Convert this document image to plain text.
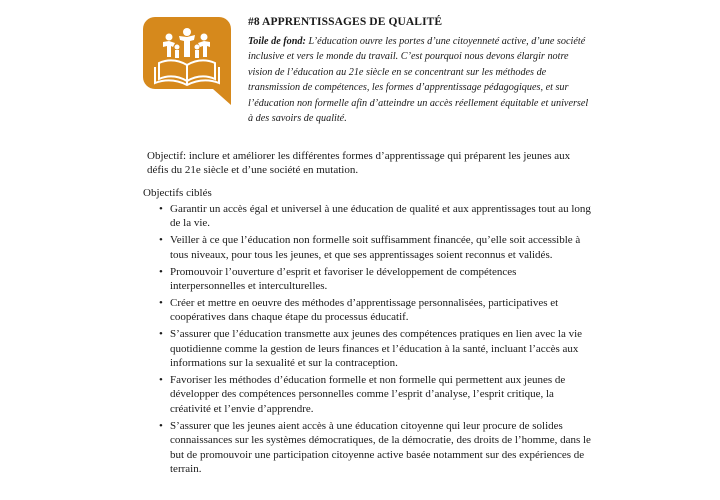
#8 APPRENTISSAGES DE QUALITÉ

Toile de fond: L’éducation ouvre les portes d’une citoyenneté active, d’une société inclusive et vers le monde du travail. C’est pourquoi nous devons élargir notre vision de l’éducation au 21e siècle en se concentrant sur les méthodes de transmission de compétences, les formes d’apprentissage pédagogiques, et sur l’éducation non formelle afin d’atteindre un accès réellement équitable et universel à des savoirs de qualité.

Objectif: inclure et améliorer les différentes formes d’apprentissage qui préparent les jeunes aux défis du 21e siècle et d’une société en mutation.

Objectifs ciblés

• Garantir un accès égal et universel à une éducation de qualité et aux apprentissages tout au long de la vie.
• Veiller à ce que l’éducation non formelle soit suffisamment financée, qu’elle soit accessible à tous niveaux, pour tous les jeunes, et que ses apprentissages soient reconnus et validés.
• Promouvoir l’ouverture d’esprit et favoriser le développement de compétences interpersonnelles et interculturelles.
• Créer et mettre en oeuvre des méthodes d’apprentissage personnalisées, participatives et coopératives dans chaque étape du processus éducatif.
• S’assurer que l’éducation transmette aux jeunes des compétences pratiques en lien avec la vie quotidienne comme la gestion de leurs finances et l’éducation à la santé, incluant l’accès aux informations sur la sexualité et sur la contraception.
• Favoriser les méthodes d’éducation formelle et non formelle qui permettent aux jeunes de développer des compétences personnelles comme l’esprit d’analyse, l’esprit critique, la créativité et l’envie d’apprendre.
• S’assurer que les jeunes aient accès à une éducation citoyenne qui leur procure de solides connaissances sur les systèmes démocratiques, de la démocratie, des droits de l’homme, dans le but de promouvoir une participation citoyenne active basée notamment sur des expériences de terrain.
